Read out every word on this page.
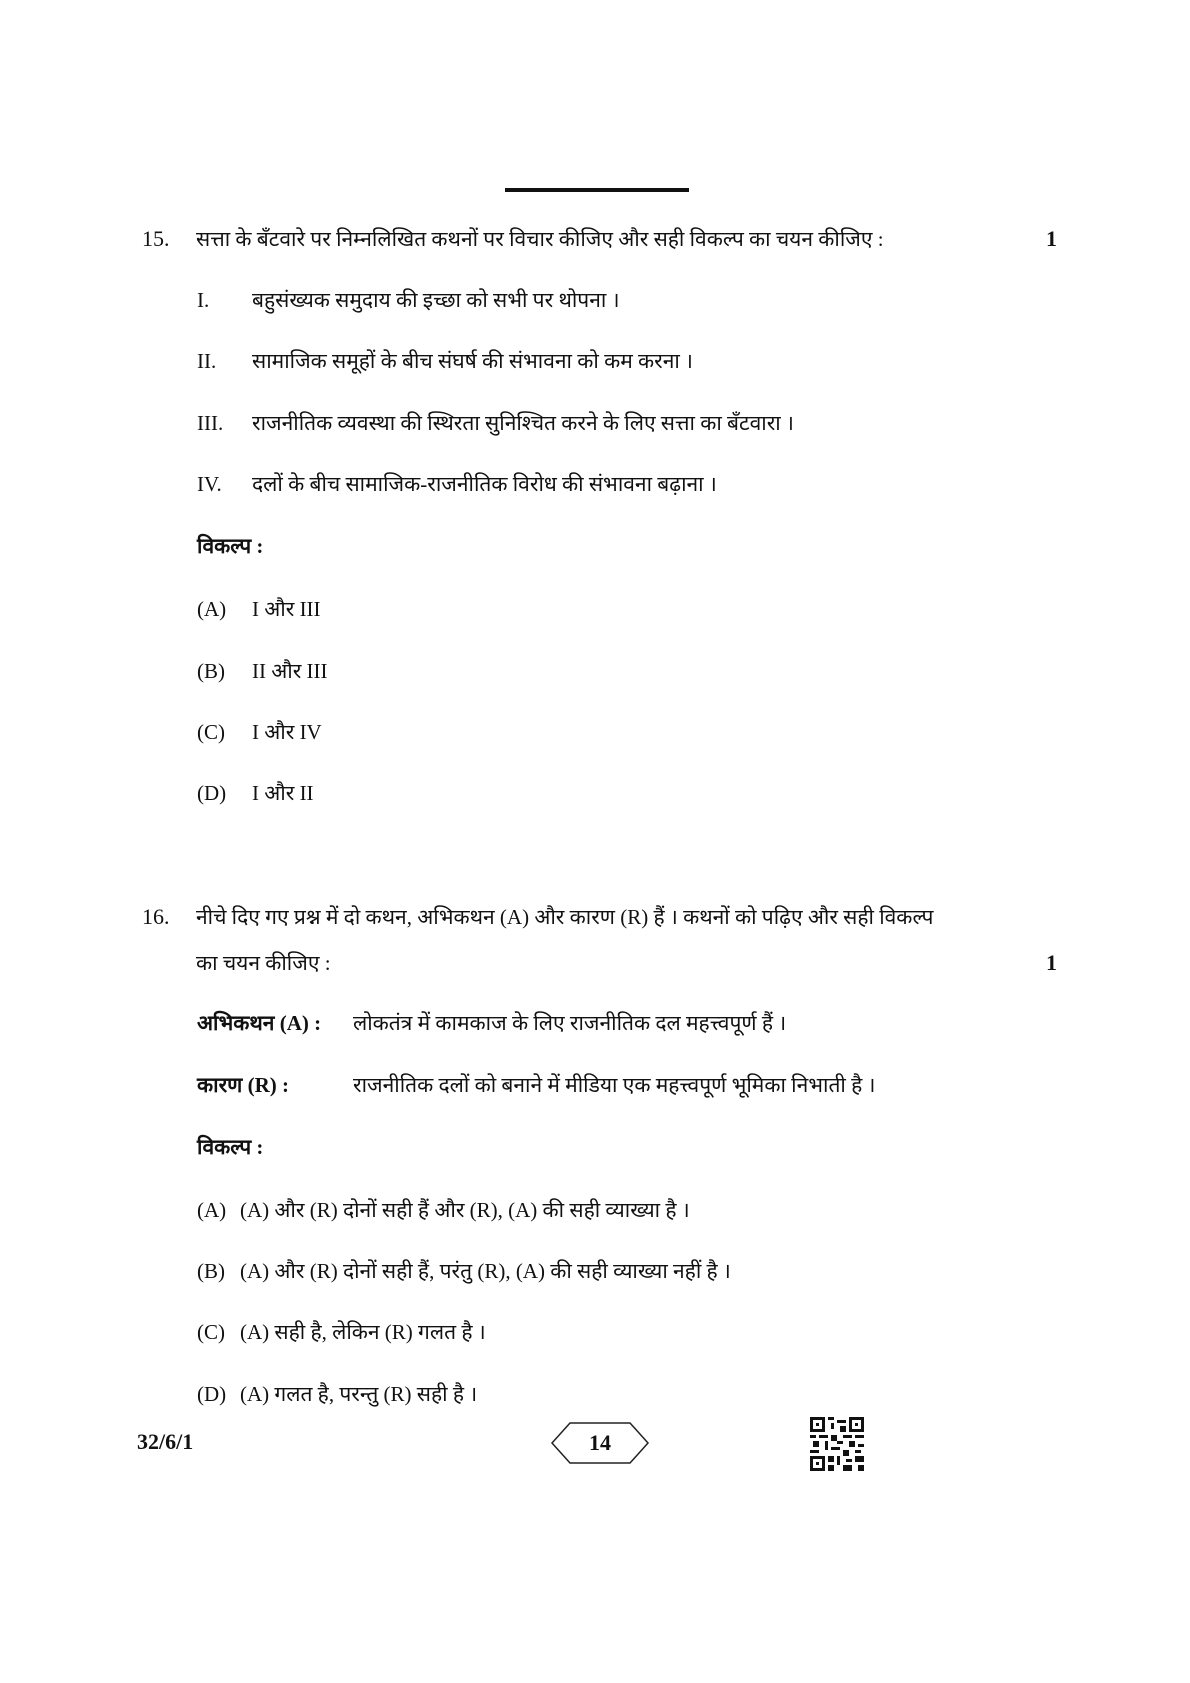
15. सत्ता के बँटवारे पर निम्नलिखित कथनों पर विचार कीजिए और सही विकल्प का चयन कीजिए :	1
I. बहुसंख्यक समुदाय की इच्छा को सभी पर थोपना ।
II. सामाजिक समूहों के बीच संघर्ष की संभावना को कम करना ।
III. राजनीतिक व्यवस्था की स्थिरता सुनिश्चित करने के लिए सत्ता का बँटवारा ।
IV. दलों के बीच सामाजिक-राजनीतिक विरोध की संभावना बढ़ाना ।
विकल्प :
(A) I और III
(B) II और III
(C) I और IV
(D) I और II
16. नीचे दिए गए प्रश्न में दो कथन, अभिकथन (A) और कारण (R) हैं । कथनों को पढ़िए और सही विकल्प
का चयन कीजिए :	1
अभिकथन (A) : लोकतंत्र में कामकाज के लिए राजनीतिक दल महत्त्वपूर्ण हैं ।
कारण (R) :	राजनीतिक दलों को बनाने में मीडिया एक महत्त्वपूर्ण भूमिका निभाती है ।
विकल्प :
(A) (A) और (R) दोनों सही हैं और (R), (A) की सही व्याख्या है ।
(B) (A) और (R) दोनों सही हैं, परंतु (R), (A) की सही व्याख्या नहीं है ।
(C) (A) सही है, लेकिन (R) गलत है ।
(D) (A) गलत है, परन्तु (R) सही है ।
32/6/1	14
